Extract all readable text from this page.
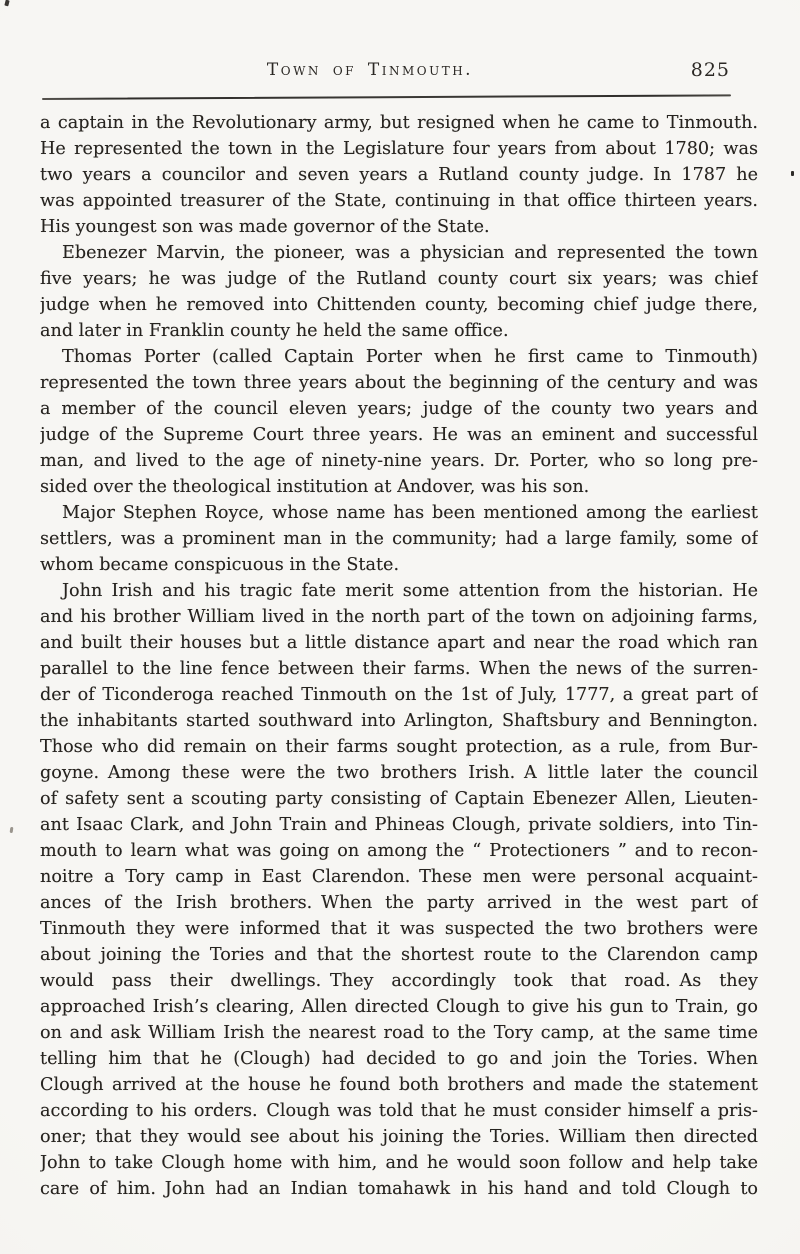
Town of Tinmouth.	825
a captain in the Revolutionary army, but resigned when he came to Tinmouth.
He represented the town in the Legislature four years from about 1780; was
two years a councilor and seven years a Rutland county judge. In 1787 he
was appointed treasurer of the State, continuing in that office thirteen years.
His youngest son was made governor of the State.
Ebenezer Marvin, the pioneer, was a physician and represented the town
five years; he was judge of the Rutland county court six years; was chief
judge when he removed into Chittenden county, becoming chief judge there,
and later in Franklin county he held the same office.
Thomas Porter (called Captain Porter when he first came to Tinmouth)
represented the town three years about the beginning of the century and was
a member of the council eleven years; judge of the county two years and
judge of the Supreme Court three years. He was an eminent and successful
man, and lived to the age of ninety-nine years. Dr. Porter, who so long pre-
sided over the theological institution at Andover, was his son.
Major Stephen Royce, whose name has been mentioned among the earliest
settlers, was a prominent man in the community; had a large family, some of
whom became conspicuous in the State.
John Irish and his tragic fate merit some attention from the historian. He
and his brother William lived in the north part of the town on adjoining farms,
and built their houses but a little distance apart and near the road which ran
parallel to the line fence between their farms. When the news of the surren-
der of Ticonderoga reached Tinmouth on the 1st of July, 1777, a great part of
the inhabitants started southward into Arlington, Shaftsbury and Bennington.
Those who did remain on their farms sought protection, as a rule, from Bur-
goyne. Among these were the two brothers Irish. A little later the council
of safety sent a scouting party consisting of Captain Ebenezer Allen, Lieuten-
ant Isaac Clark, and John Train and Phineas Clough, private soldiers, into Tin-
mouth to learn what was going on among the “ Protectioners ” and to recon-
noitre a Tory camp in East Clarendon. These men were personal acquaint-
ances of the Irish brothers. When the party arrived in the west part of
Tinmouth they were informed that it was suspected the two brothers were
about joining the Tories and that the shortest route to the Clarendon camp
would pass their dwellings. They accordingly took that road. As they
approached Irish’s clearing, Allen directed Clough to give his gun to Train, go
on and ask William Irish the nearest road to the Tory camp, at the same time
telling him that he (Clough) had decided to go and join the Tories. When
Clough arrived at the house he found both brothers and made the statement
according to his orders. Clough was told that he must consider himself a pris-
oner; that they would see about his joining the Tories. William then directed
John to take Clough home with him, and he would soon follow and help take
care of him. John had an Indian tomahawk in his hand and told Clough to
